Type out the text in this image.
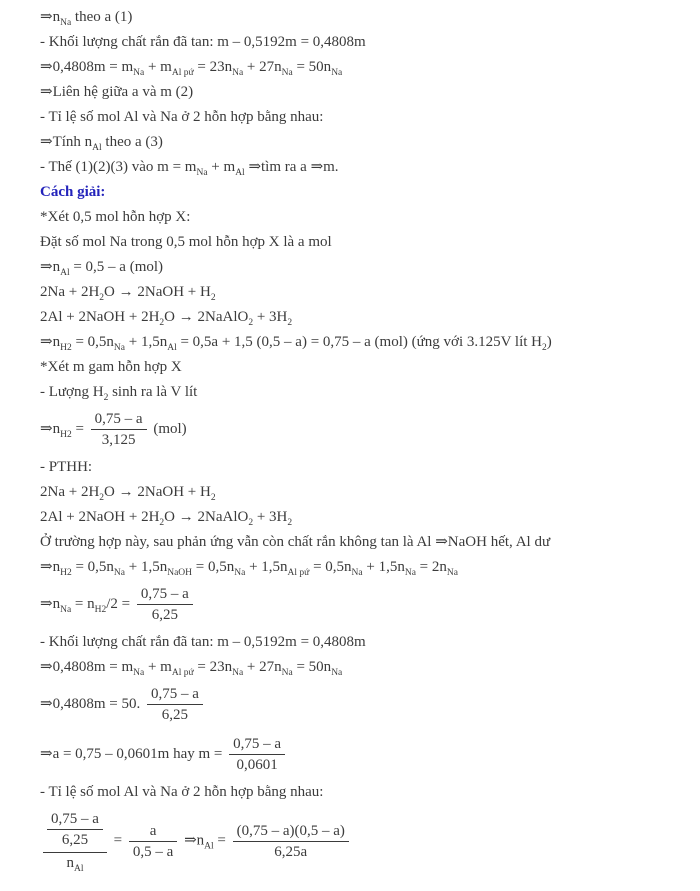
$\Rightarrow n_{Na}$ theo a (1)
- Khối lượng chất rắn đã tan: m – 0,5192m = 0,4808m
⇒0,4808m = $m_{Na} + m_{Al pứ} = 23n_{Na} + 27n_{Na} = 50n_{Na}$
⇒Liên hệ giữa a và m (2)
- Tỉ lệ số mol Al và Na ở 2 hỗn hợp bằng nhau:
⇒Tính $n_{Al}$ theo a (3)
- Thế (1)(2)(3) vào $m = m_{Na} + m_{Al}$ ⇒tìm ra a ⇒m.
Cách giải:
*Xét 0,5 mol hỗn hợp X:
Đặt số mol Na trong 0,5 mol hỗn hợp X là a mol
$\Rightarrow n_{Al} = 0,5 - a$ (mol)
$2Na + 2H_2O$ → 2NaOH + $H_2$
2Al + 2NaOH + $2H_2O$ → 2NaAlO$_2$ + $3H_2$
$\Rightarrow n_{H2} = 0,5n_{Na} + 1,5n_{Al} = 0,5a + 1,5$ (0,5 – a) = 0,75 – a (mol) (ứng với 3.125V lít $H_2$)
*Xét m gam hỗn hợp X
- Lượng $H_2$ sinh ra là V lít
$\Rightarrow n_{H2} = \frac{0,75 - a}{3,125} (mol)$
- PTHH:
$2Na + 2H_2O$ → 2NaOH + $H_2$
2Al + 2NaOH + $2H_2O$ → 2NaAlO$_2$ + $3H_2$
Ở trường hợp này, sau phản ứng vẫn còn chất rắn không tan là Al ⇒NaOH hết, Al dư
$\Rightarrow n_{H2} = 0,5n_{Na} + 1,5n_{NaOH} = 0,5n_{Na} + 1,5n_{Al pứ} = 0,5n_{Na} + 1,5n_{Na} = 2n_{Na}$
$\Rightarrow n_{Na} = n_{H2}/2 = \frac{0,75 - a}{6,25}$
- Khối lượng chất rắn đã tan: m – 0,5192m = 0,4808m
⇒0,4808m = $m_{Na} + m_{Al pứ} = 23n_{Na} + 27n_{Na} = 50n_{Na}$
⇒0,4808m = 50. $\frac{0,75 - a}{6,25}$
⇒a = 0,75 – 0,0601m hay $m = \frac{0,75 - a}{0,0601}$
- Tỉ lệ số mol Al và Na ở 2 hỗn hợp bằng nhau:
$\frac{\frac{0,75 - a}{6,25}}{n_{Al}} = \frac{a}{0,5 - a}$ $\Rightarrow n_{Al} = \frac{(0,75 - a)(0,5 - a)}{6,25a}$
